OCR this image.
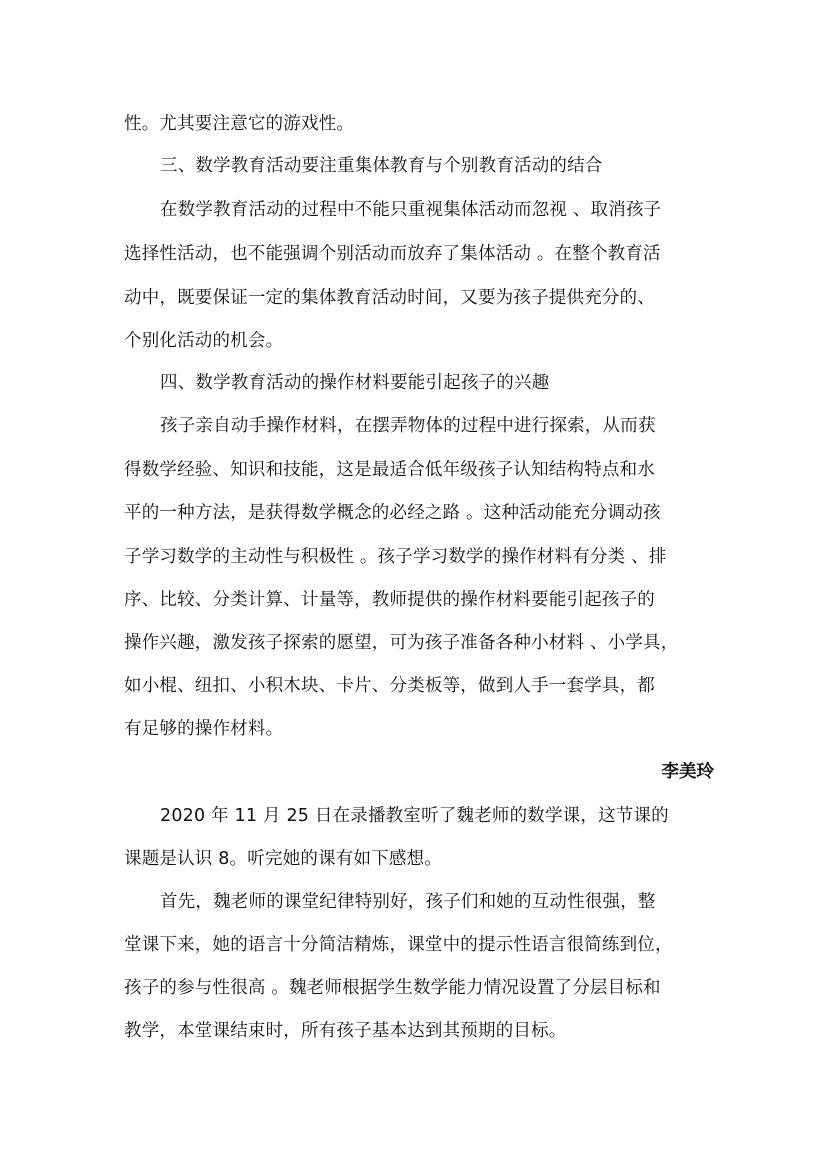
性。尤其要注意它的游戏性。
三、数学教育活动要注重集体教育与个别教育活动的结合
在数学教育活动的过程中不能只重视集体活动而忽视 、取消孩子
选择性活动，也不能强调个别活动而放弃了集体活动 。在整个教育活
动中，既要保证一定的集体教育活动时间，又要为孩子提供充分的、
个别化活动的机会。
四、数学教育活动的操作材料要能引起孩子的兴趣
孩子亲自动手操作材料，在摆弄物体的过程中进行探索，从而获
得数学经验、知识和技能，这是最适合低年级孩子认知结构特点和水
平的一种方法，是获得数学概念的必经之路 。这种活动能充分调动孩
子学习数学的主动性与积极性 。孩子学习数学的操作材料有分类 、排
序、比较、分类计算、计量等，教师提供的操作材料要能引起孩子的
操作兴趣，激发孩子探索的愿望，可为孩子准备各种小材料 、小学具，
如小棍、纽扣、小积木块、卡片、分类板等，做到人手一套学具，都
有足够的操作材料。
李美玲
2020 年 11 月 25 日在录播教室听了魏老师的数学课，这节课的
课题是认识 8。听完她的课有如下感想。
首先，魏老师的课堂纪律特别好，孩子们和她的互动性很强，整
堂课下来，她的语言十分简洁精炼，课堂中的提示性语言很简练到位，
孩子的参与性很高 。魏老师根据学生数学能力情况设置了分层目标和
教学，本堂课结束时，所有孩子基本达到其预期的目标。
